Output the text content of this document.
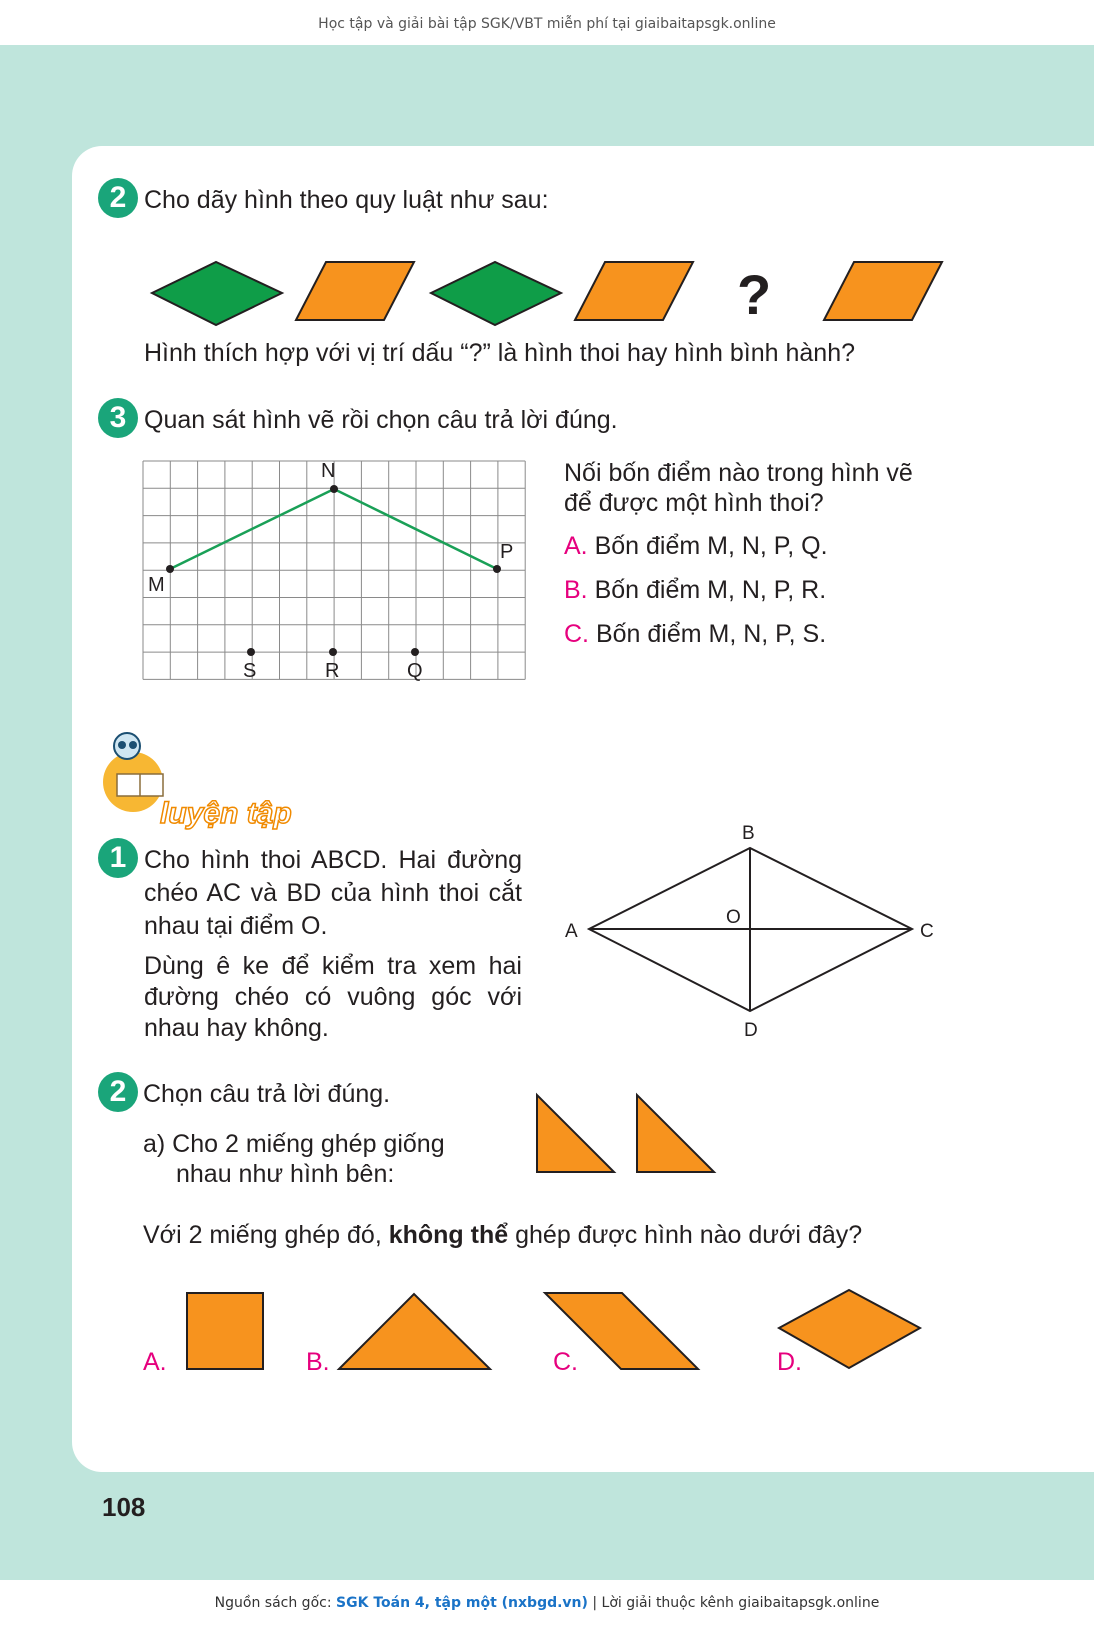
Học tập và giải bài tập SGK/VBT miễn phí tại giaibaitapsgk.online
2 Cho dãy hình theo quy luật như sau:
?
Hình thích hợp với vị trí dấu “?” là hình thoi hay hình bình hành?
3 Quan sát hình vẽ rồi chọn câu trả lời đúng.
N
M
P
S	R	Q
Nối bốn điểm nào trong hình vẽ
để được một hình thoi?
A. Bốn điểm M, N, P, Q.
B. Bốn điểm M, N, P, R.
C. Bốn điểm M, N, P, S.
luyện tập
1 Cho hình thoi ABCD. Hai đường chéo AC và BD của hình thoi cắt nhau tại điểm O.
Dùng ê ke để kiểm tra xem hai đường chéo có vuông góc với nhau hay không.
A
B
C
D
O
2 Chọn câu trả lời đúng.
a) Cho 2 miếng ghép giống
nhau như hình bên:
Với 2 miếng ghép đó, không thể ghép được hình nào dưới đây?
A.	B.	C.	D.
108
Nguồn sách gốc: SGK Toán 4, tập một (nxbgd.vn) | Lời giải thuộc kênh giaibaitapsgk.online
